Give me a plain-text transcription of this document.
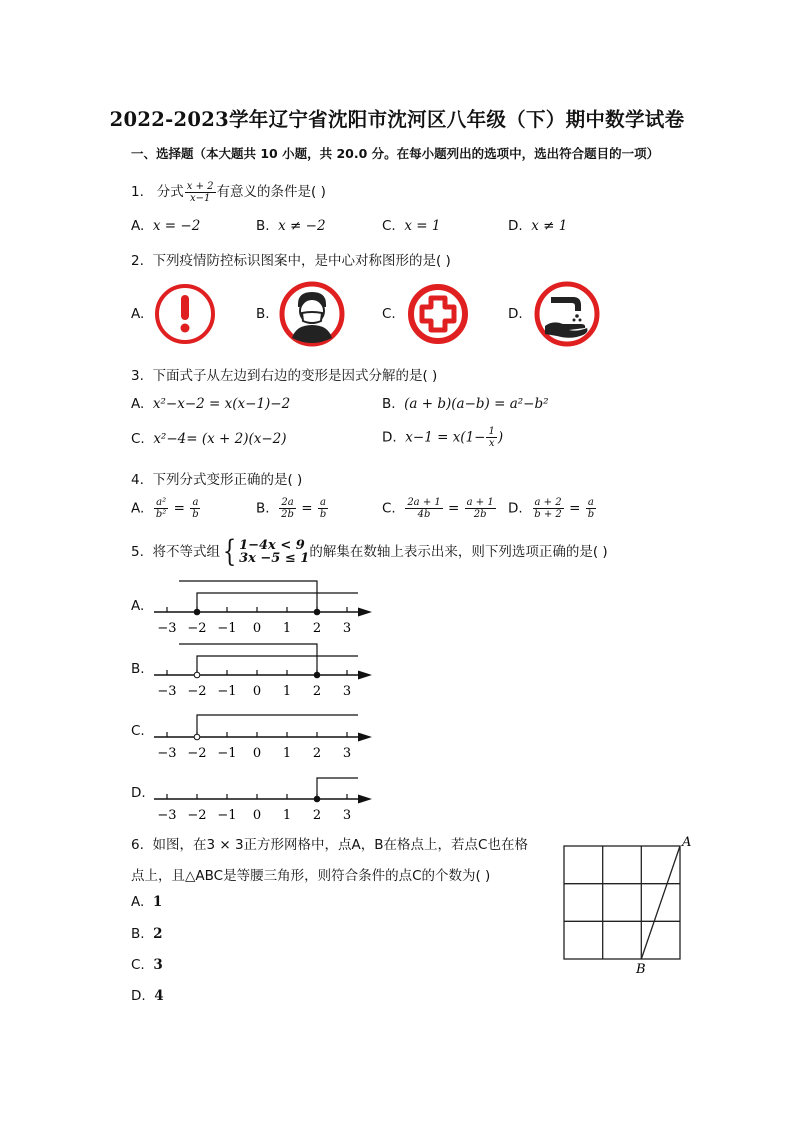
2022-2023学年辽宁省沈阳市沈河区八年级（下）期中数学试卷
一、选择题（本大题共 10 小题，共 20.0 分。在每小题列出的选项中，选出符合题目的一项）
1. 分式 $\frac{x + 2}{x-1}$ 有意义的条件是( )
A. x = −2	B. x ≠ −2	C. x = 1	D. x ≠ 1
2. 下列疫情防控标识图案中，是中心对称图形的是( )
A.	B.	C.	D.
3. 下面式子从左边到右边的变形是因式分解的是( )
A. x²−x−2 = x(x−1)−2	B. (a + b)(a−b) = a²−b²
C. x²−4= (x + 2)(x−2)	D. $x-1 = x(1- \frac{1}{x}$ )
4. 下列分式变形正确的是( )
A. $\frac{\text{a²}}{\text{b²}} = \frac{a}{b}$	B. $\frac{2a}{2b} = \frac{a}{b}$	C. $\frac{2a + 1}{4b} = \frac{a + 1}{2b} D$. $\frac{a + 2}{b + 2} = \frac{a}{b}$
5. 将不等式组{ 1−4x < 9
3x −5 ≤ 1 的解集在数轴上表示出来，则下列选项正确的是( )
A.
B.
C.
D.
−3 −2 −1 0 1 2 3
−3 −2 −1 0 1 2 3
−3 −2 −1 0 1 2 3
−3 −2 −1 0 1 2 3
6. 如图，在3 × 3正方形网格中，点A，B在格点上，若点C也在格
点上，且△ABC是等腰三角形，则符合条件的点C的个数为( )
A. 1
B. 2
C. 3
D. 4
A
B
